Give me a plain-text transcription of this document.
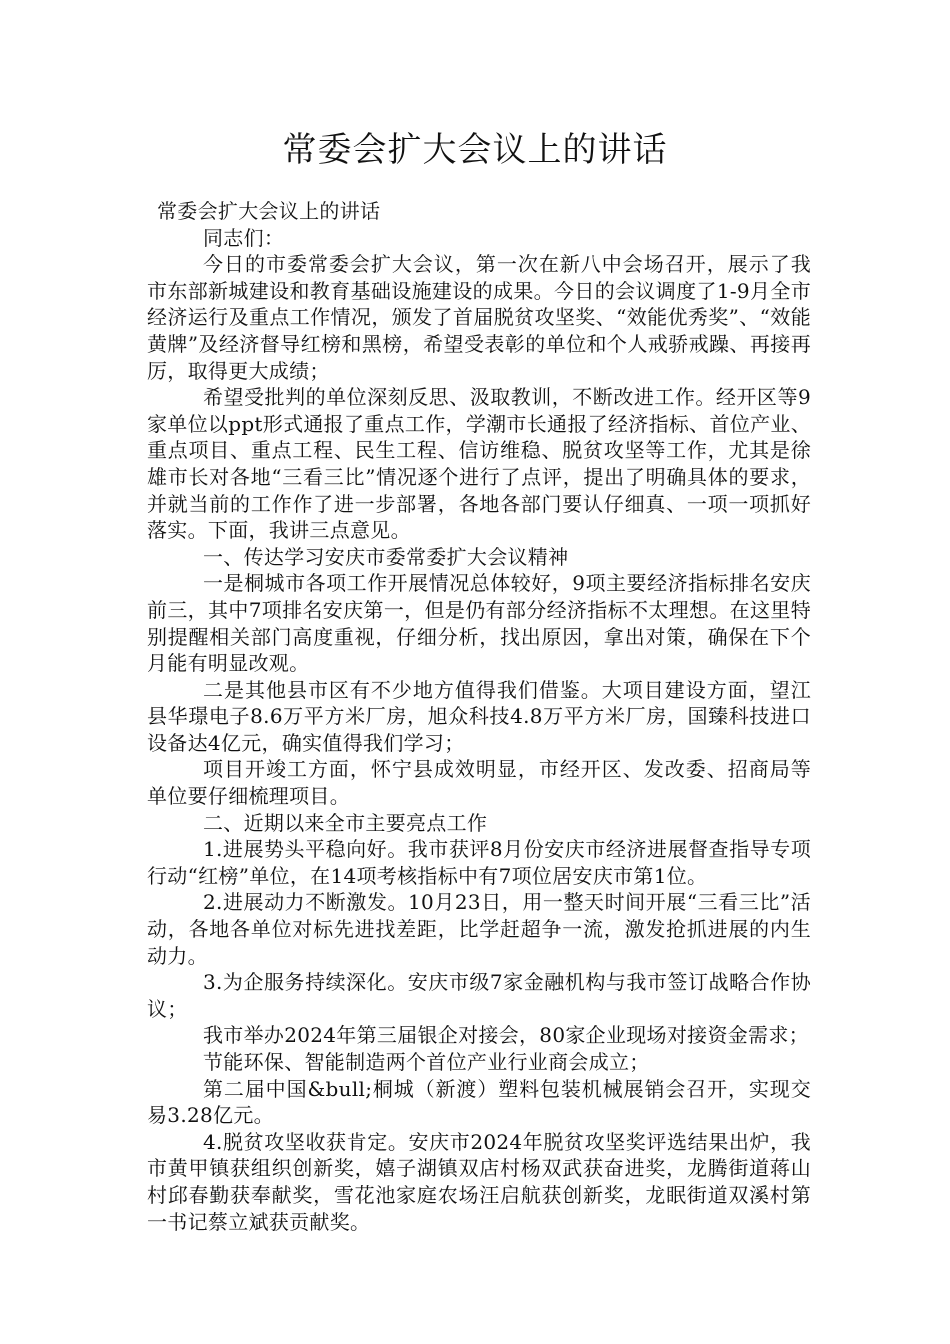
常委会扩大会议上的讲话

常委会扩大会议上的讲话

同志们：

今日的市委常委会扩大会议，第一次在新八中会场召开，展示了我市东部新城建设和教育基础设施建设的成果。今日的会议调度了1-9月全市经济运行及重点工作情况，颁发了首届脱贫攻坚奖、“效能优秀奖”、“效能黄牌”及经济督导红榜和黑榜，希望受表彰的单位和个人戒骄戒躁、再接再厉，取得更大成绩；

希望受批判的单位深刻反思、汲取教训，不断改进工作。经开区等9家单位以ppt形式通报了重点工作，学潮市长通报了经济指标、首位产业、重点项目、重点工程、民生工程、信访维稳、脱贫攻坚等工作，尤其是徐雄市长对各地“三看三比”情况逐个进行了点评，提出了明确具体的要求，并就当前的工作作了进一步部署，各地各部门要认仔细真、一项一项抓好落实。下面，我讲三点意见。

一、传达学习安庆市委常委扩大会议精神

一是桐城市各项工作开展情况总体较好，9项主要经济指标排名安庆前三，其中7项排名安庆第一，但是仍有部分经济指标不太理想。在这里特别提醒相关部门高度重视，仔细分析，找出原因，拿出对策，确保在下个月能有明显改观。

二是其他县市区有不少地方值得我们借鉴。大项目建设方面，望江县华璟电子8.6万平方米厂房，旭众科技4.8万平方米厂房，国臻科技进口设备达4亿元，确实值得我们学习；

项目开竣工方面，怀宁县成效明显，市经开区、发改委、招商局等单位要仔细梳理项目。

二、近期以来全市主要亮点工作

1.进展势头平稳向好。我市获评8月份安庆市经济进展督查指导专项行动“红榜”单位，在14项考核指标中有7项位居安庆市第1位。

2.进展动力不断激发。10月23日，用一整天时间开展“三看三比”活动，各地各单位对标先进找差距，比学赶超争一流，激发抢抓进展的内生动力。

3.为企服务持续深化。安庆市级7家金融机构与我市签订战略合作协议；

我市举办2024年第三届银企对接会，80家企业现场对接资金需求；

节能环保、智能制造两个首位产业行业商会成立；

第二届中国&bull;桐城（新渡）塑料包装机械展销会召开，实现交易3.28亿元。

4.脱贫攻坚收获肯定。安庆市2024年脱贫攻坚奖评选结果出炉，我市黄甲镇获组织创新奖，嬉子湖镇双店村杨双武获奋进奖，龙腾街道蒋山村邱春勤获奉献奖，雪花池家庭农场汪启航获创新奖，龙眠街道双溪村第一书记蔡立斌获贡献奖。
